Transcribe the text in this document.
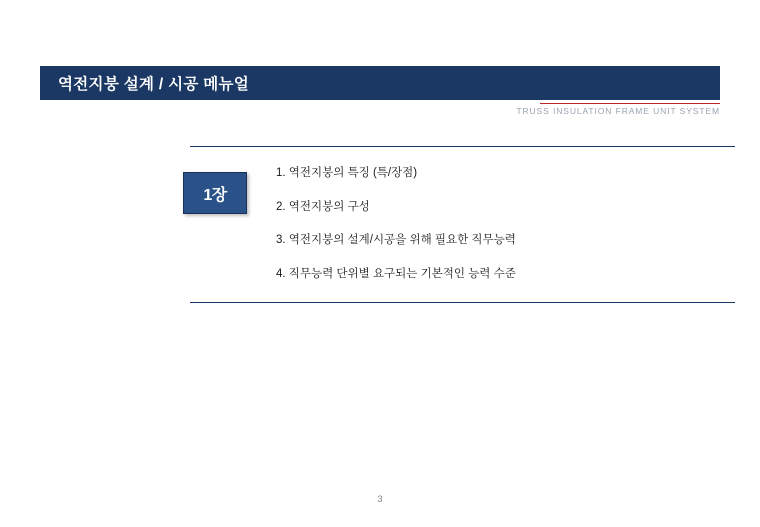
역전지붕 설계 / 시공 메뉴얼	TIFUS
TRUSS INSULATION FRAME UNIT SYSTEM
1장
1. 역전지붕의 특징 (특/장점)
2. 역전지붕의 구성
3. 역전지붕의 설계/시공을 위해 필요한 직무능력
4. 직무능력 단위별 요구되는 기본적인 능력 수준
3
